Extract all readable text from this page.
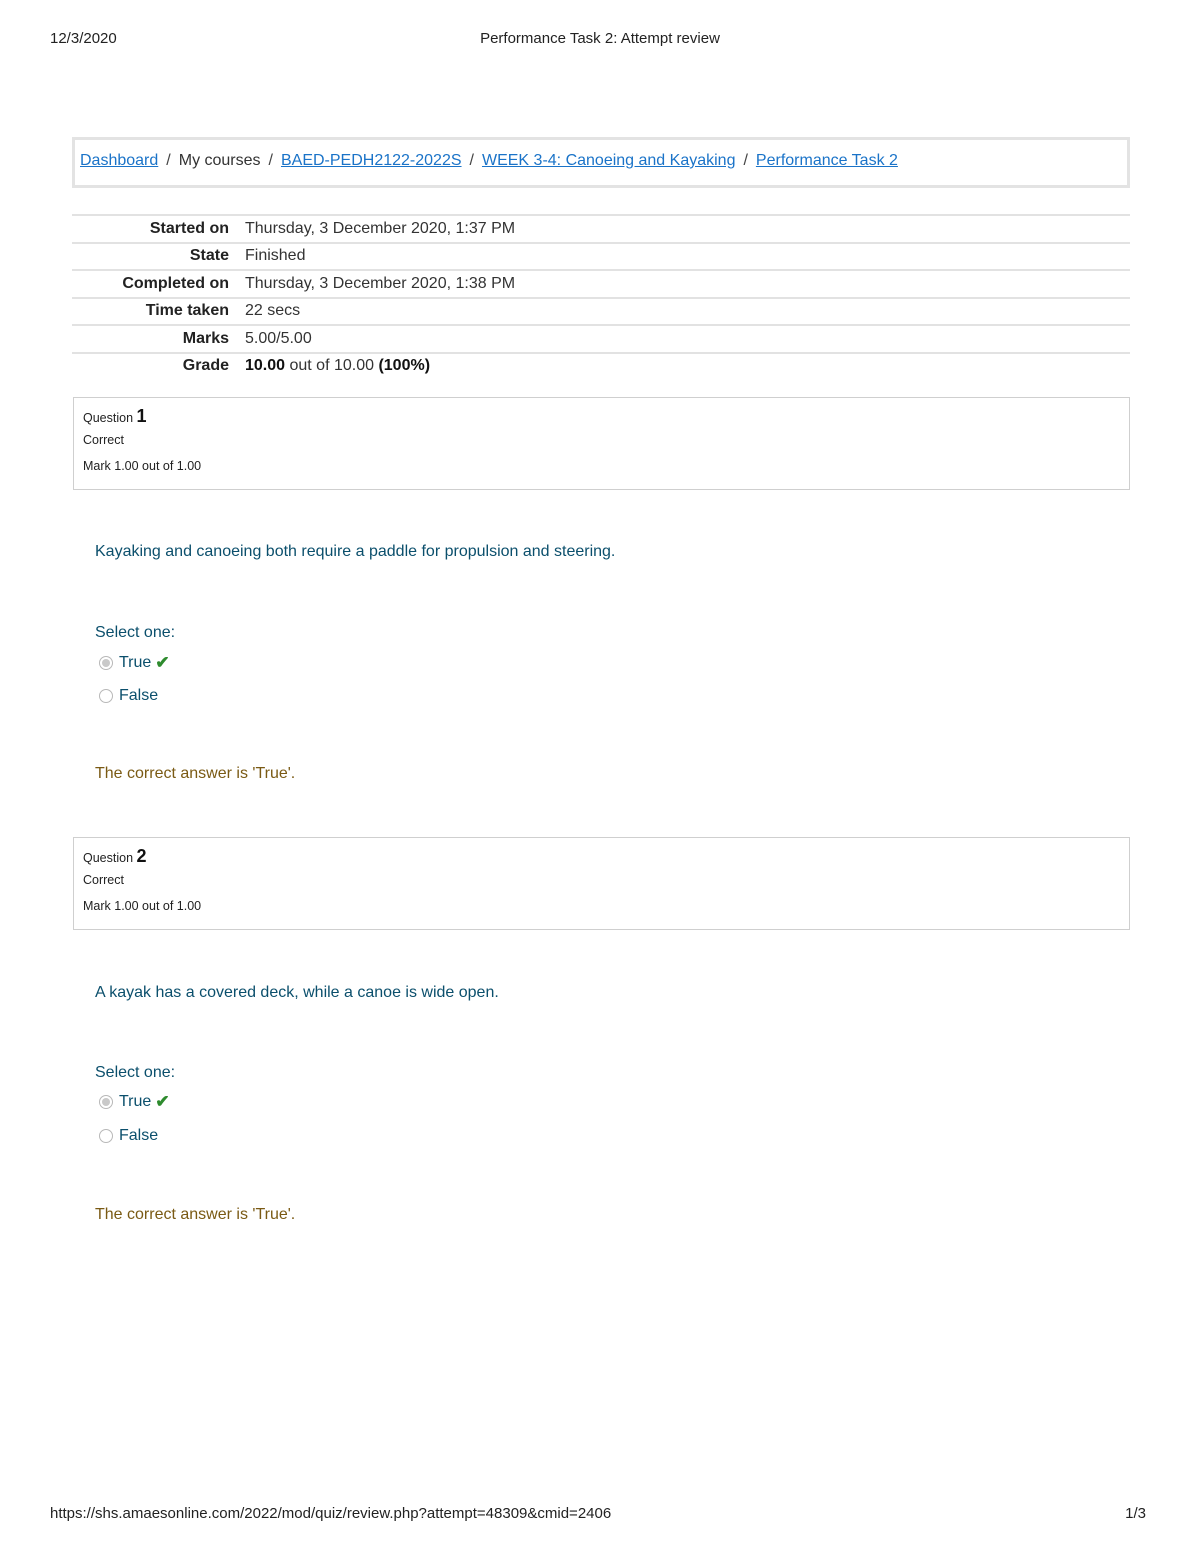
12/3/2020	Performance Task 2: Attempt review
Dashboard / My courses / BAED-PEDH2122-2022S / WEEK 3-4: Canoeing and Kayaking / Performance Task 2
Started on	Thursday, 3 December 2020, 1:37 PM
State	Finished
Completed on	Thursday, 3 December 2020, 1:38 PM
Time taken	22 secs
Marks	5.00/5.00
Grade	10.00 out of 10.00 (100%)
Question 1
Correct
Mark 1.00 out of 1.00
Kayaking and canoeing both require a paddle for propulsion and steering.
Select one:
True ✔
False
The correct answer is 'True'.
Question 2
Correct
Mark 1.00 out of 1.00
A kayak has a covered deck, while a canoe is wide open.
Select one:
True ✔
False
The correct answer is 'True'.
https://shs.amaesonline.com/2022/mod/quiz/review.php?attempt=48309&cmid=2406	1/3
